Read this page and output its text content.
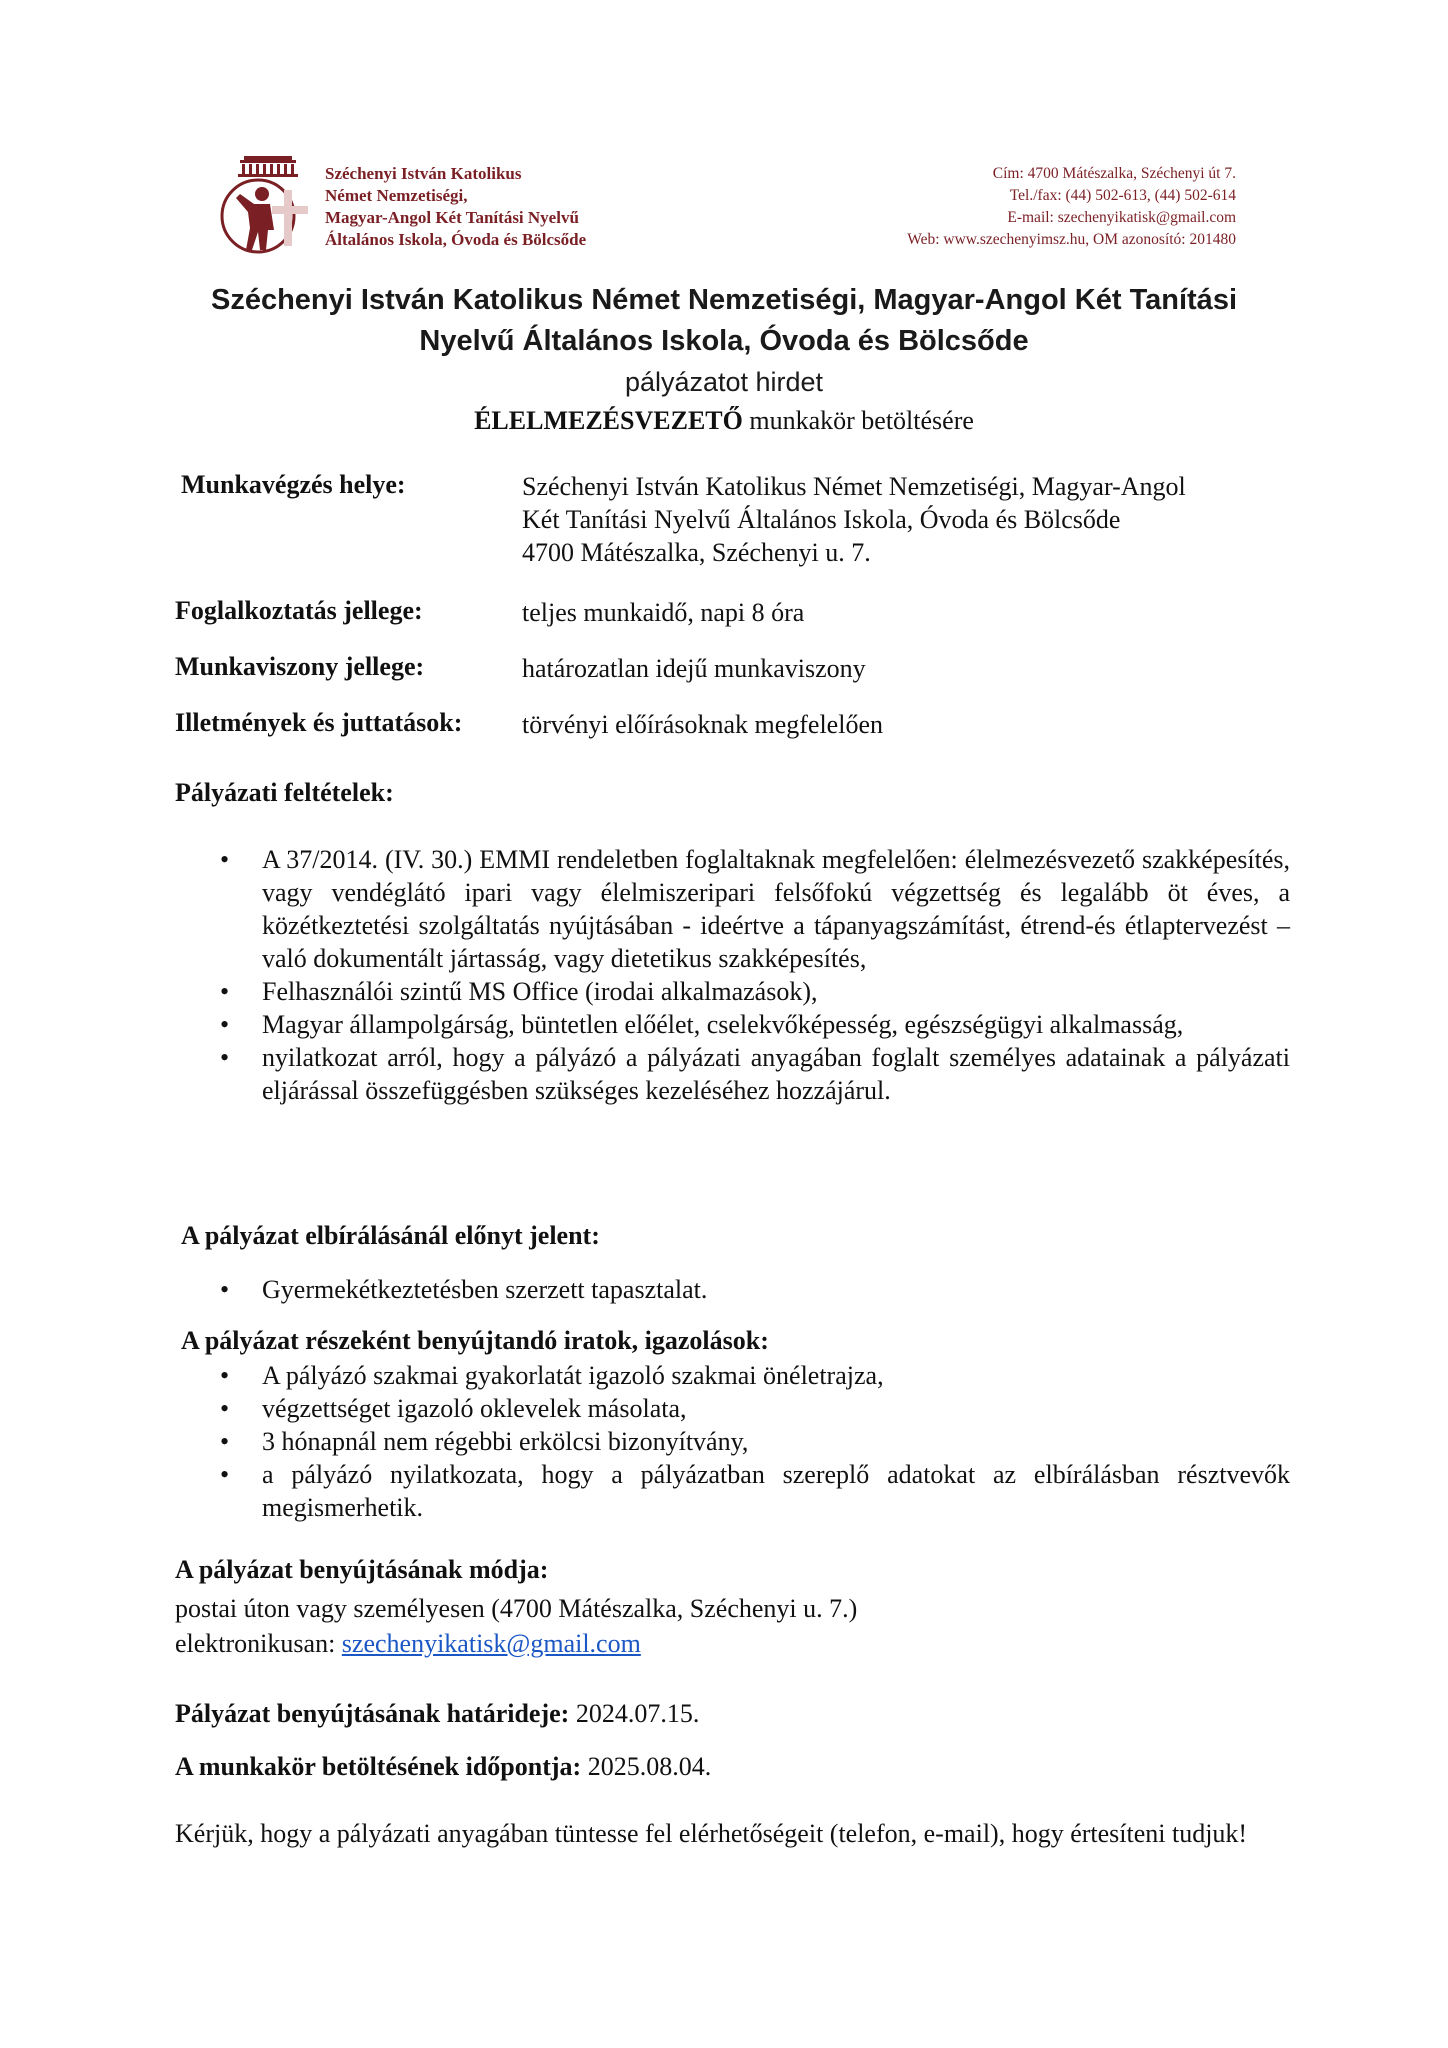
Széchenyi István Katolikus
Német Nemzetiségi,
Magyar-Angol Két Tanítási Nyelvű
Általános Iskola, Óvoda és Bölcsőde
Cím: 4700 Mátészalka, Széchenyi út 7.
Tel./fax: (44) 502-613, (44) 502-614
E-mail: szechenyikatisk@gmail.com
Web: www.szechenyimsz.hu, OM azonosító: 201480
Széchenyi István Katolikus Német Nemzetiségi, Magyar-Angol Két Tanítási
Nyelvű Általános Iskola, Óvoda és Bölcsőde
pályázatot hirdet
ÉLELMEZÉSVEZETŐ munkakör betöltésére
Munkavégzés helye:	Széchenyi István Katolikus Német Nemzetiségi, Magyar-Angol
Két Tanítási Nyelvű Általános Iskola, Óvoda és Bölcsőde
4700 Mátészalka, Széchenyi u. 7.
Foglalkoztatás jellege:	teljes munkaidő, napi 8 óra
Munkaviszony jellege:	határozatlan idejű munkaviszony
Illetmények és juttatások: törvényi előírásoknak megfelelően
Pályázati feltételek:
• A 37/2014. (IV. 30.) EMMI rendeletben foglaltaknak megfelelően: élelmezésvezető szakképesítés, vagy vendéglátó ipari vagy élelmiszeripari felsőfokú végzettség és legalább öt éves, a közétkeztetési szolgáltatás nyújtásában - ideértve a tápanyagszámítást, étrend-és étlaptervezést – való dokumentált jártasság, vagy dietetikus szakképesítés,
• Felhasználói szintű MS Office (irodai alkalmazások),
• Magyar állampolgárság, büntetlen előélet, cselekvőképesség, egészségügyi alkalmasság,
• nyilatkozat arról, hogy a pályázó a pályázati anyagában foglalt személyes adatainak a pályázati eljárással összefüggésben szükséges kezeléséhez hozzájárul.
A pályázat elbírálásánál előnyt jelent:
• Gyermekétkeztetésben szerzett tapasztalat.
A pályázat részeként benyújtandó iratok, igazolások:
• A pályázó szakmai gyakorlatát igazoló szakmai önéletrajza,
• végzettséget igazoló oklevelek másolata,
• 3 hónapnál nem régebbi erkölcsi bizonyítvány,
• a pályázó nyilatkozata, hogy a pályázatban szereplő adatokat az elbírálásban résztvevők megismerhetik.
A pályázat benyújtásának módja:
postai úton vagy személyesen (4700 Mátészalka, Széchenyi u. 7.)
elektronikusan: szechenyikatisk@gmail.com
Pályázat benyújtásának határideje: 2024.07.15.
A munkakör betöltésének időpontja: 2025.08.04.
Kérjük, hogy a pályázati anyagában tüntesse fel elérhetőségeit (telefon, e-mail), hogy értesíteni tudjuk!
